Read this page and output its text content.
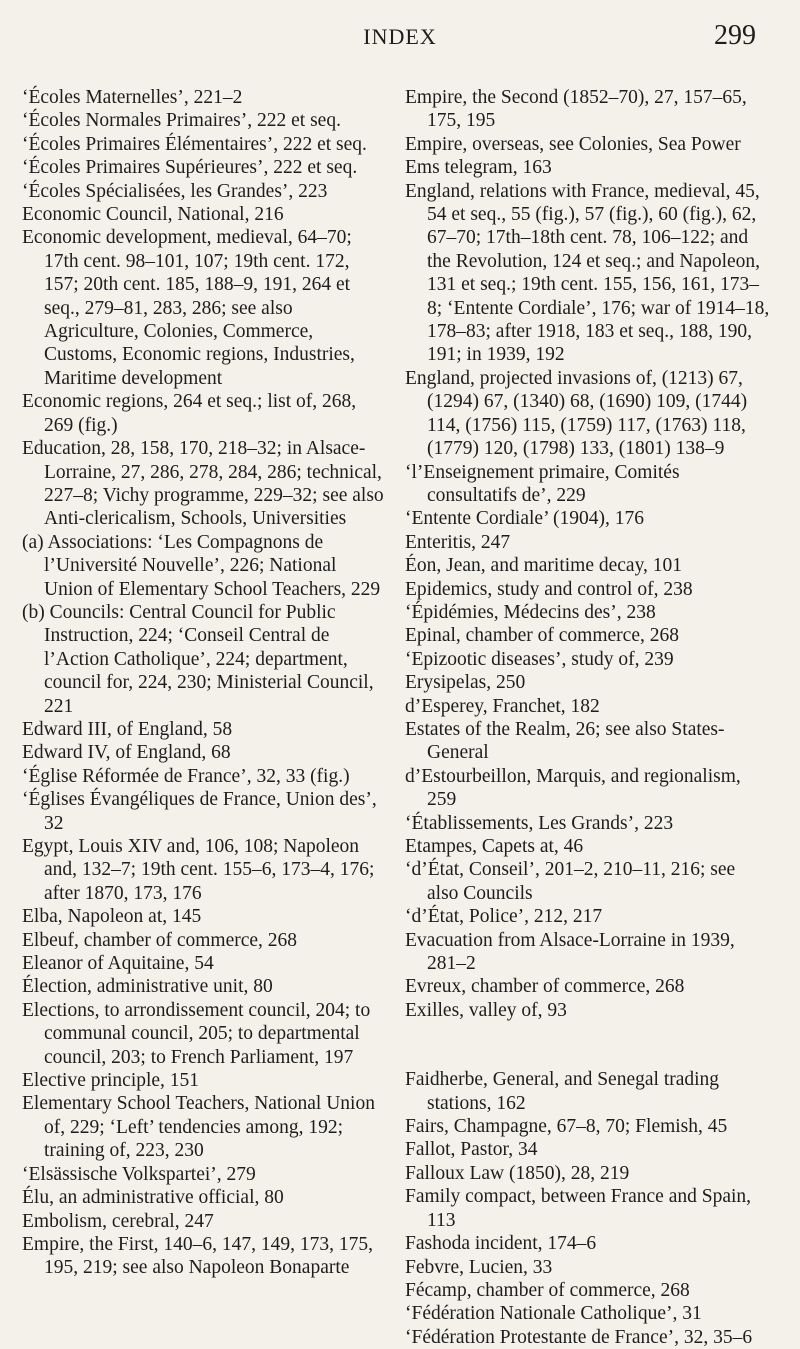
INDEX	299

‘Écoles Maternelles’, 221–2

‘Écoles Normales Primaires’, 222 et seq.

‘Écoles Primaires Élémentaires’, 222 et seq.

‘Écoles Primaires Supérieures’, 222 et seq.

‘Écoles Spécialisées, les Grandes’, 223

Economic Council, National, 216

Economic development, medieval, 64–70; 17th cent. 98–101, 107; 19th cent. 172, 157; 20th cent. 185, 188–9, 191, 264 et seq., 279–81, 283, 286; see also Agriculture, Colonies, Commerce, Customs, Economic regions, Industries, Maritime development

Economic regions, 264 et seq.; list of, 268, 269 (fig.)

Education, 28, 158, 170, 218–32; in Alsace-Lorraine, 27, 286, 278, 284, 286; technical, 227–8; Vichy programme, 229–32; see also Anti-clericalism, Schools, Universities

(a) Associations: ‘Les Compagnons de l’Université Nouvelle’, 226; National Union of Elementary School Teachers, 229

(b) Councils: Central Council for Public Instruction, 224; ‘Conseil Central de l’Action Catholique’, 224; department, council for, 224, 230; Ministerial Council, 221

Edward III, of England, 58

Edward IV, of England, 68

‘Église Réformée de France’, 32, 33 (fig.)

‘Églises Évangéliques de France, Union des’, 32

Egypt, Louis XIV and, 106, 108; Napoleon and, 132–7; 19th cent. 155–6, 173–4, 176; after 1870, 173, 176

Elba, Napoleon at, 145

Elbeuf, chamber of commerce, 268

Eleanor of Aquitaine, 54

Élection, administrative unit, 80

Elections, to arrondissement council, 204; to communal council, 205; to departmental council, 203; to French Parliament, 197

Elective principle, 151

Elementary School Teachers, National Union of, 229; ‘Left’ tendencies among, 192; training of, 223, 230

‘Elsässische Volkspartei’, 279

Élu, an administrative official, 80

Embolism, cerebral, 247

Empire, the First, 140–6, 147, 149, 173, 175, 195, 219; see also Napoleon Bonaparte

Empire, the Second (1852–70), 27, 157–65, 175, 195

Empire, overseas, see Colonies, Sea Power

Ems telegram, 163

England, relations with France, medieval, 45, 54 et seq., 55 (fig.), 57 (fig.), 60 (fig.), 62, 67–70; 17th–18th cent. 78, 106–122; and the Revolution, 124 et seq.; and Napoleon, 131 et seq.; 19th cent. 155, 156, 161, 173–8; ‘Entente Cordiale’, 176; war of 1914–18, 178–83; after 1918, 183 et seq., 188, 190, 191; in 1939, 192

England, projected invasions of, (1213) 67, (1294) 67, (1340) 68, (1690) 109, (1744) 114, (1756) 115, (1759) 117, (1763) 118, (1779) 120, (1798) 133, (1801) 138–9

‘l’Enseignement primaire, Comités consultatifs de’, 229

‘Entente Cordiale’ (1904), 176

Enteritis, 247

Éon, Jean, and maritime decay, 101

Epidemics, study and control of, 238

‘Épidémies, Médecins des’, 238

Epinal, chamber of commerce, 268

‘Epizootic diseases’, study of, 239

Erysipelas, 250

d’Esperey, Franchet, 182

Estates of the Realm, 26; see also States-General

d’Estourbeillon, Marquis, and regionalism, 259

‘Établissements, Les Grands’, 223

Etampes, Capets at, 46

‘d’État, Conseil’, 201–2, 210–11, 216; see also Councils

‘d’État, Police’, 212, 217

Evacuation from Alsace-Lorraine in 1939, 281–2

Evreux, chamber of commerce, 268

Exilles, valley of, 93

Faidherbe, General, and Senegal trading stations, 162

Fairs, Champagne, 67–8, 70; Flemish, 45

Fallot, Pastor, 34

Falloux Law (1850), 28, 219

Family compact, between France and Spain, 113

Fashoda incident, 174–6

Febvre, Lucien, 33

Fécamp, chamber of commerce, 268

‘Fédération Nationale Catholique’, 31

‘Fédération Protestante de France’, 32, 35–6
